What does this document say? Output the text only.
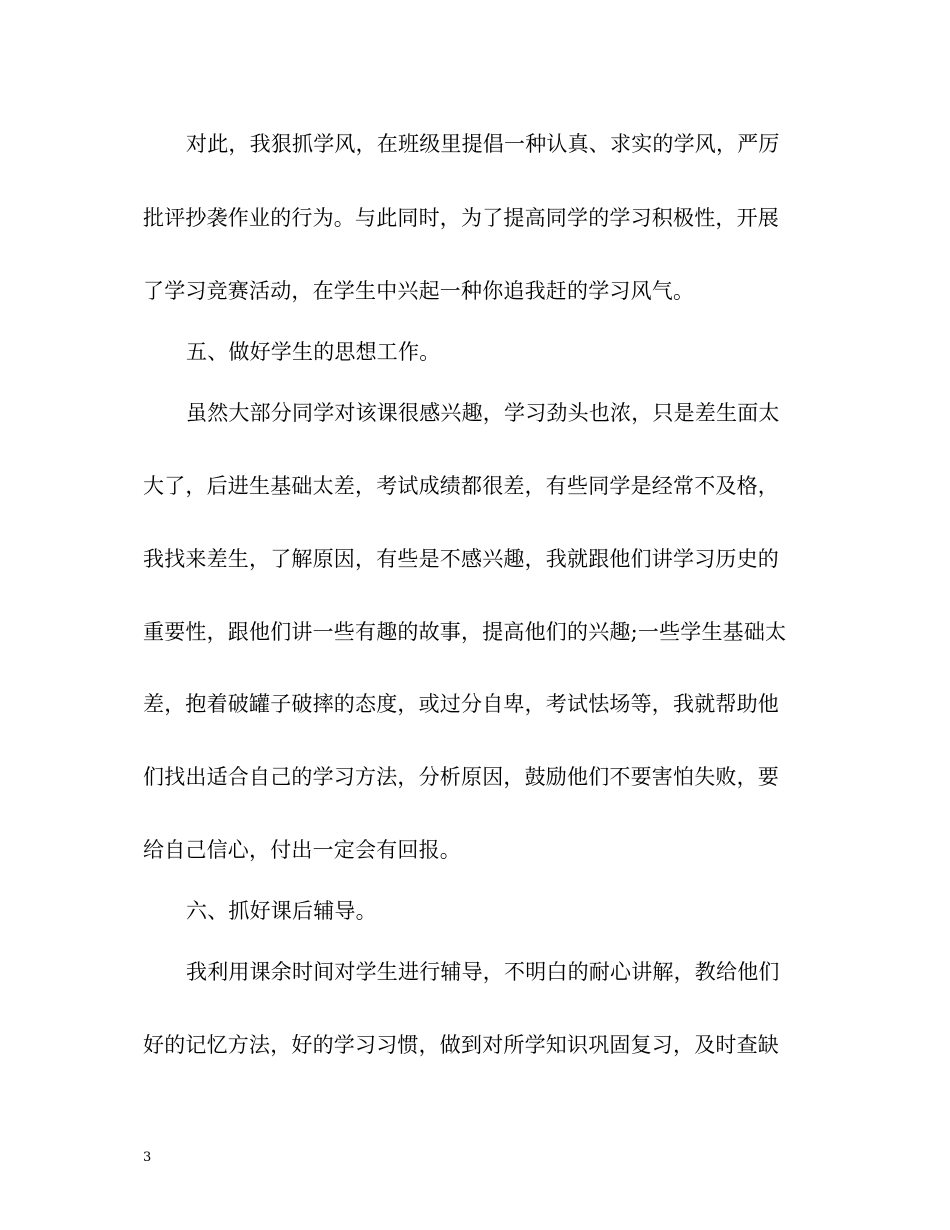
对此，我狠抓学风，在班级里提倡一种认真、求实的学风，严厉
批评抄袭作业的行为。与此同时，为了提高同学的学习积极性，开展
了学习竞赛活动，在学生中兴起一种你追我赶的学习风气。
五、做好学生的思想工作。
虽然大部分同学对该课很感兴趣，学习劲头也浓，只是差生面太
大了，后进生基础太差，考试成绩都很差，有些同学是经常不及格，
我找来差生，了解原因，有些是不感兴趣，我就跟他们讲学习历史的
重要性，跟他们讲一些有趣的故事，提高他们的兴趣;一些学生基础太
差，抱着破罐子破摔的态度，或过分自卑，考试怯场等，我就帮助他
们找出适合自己的学习方法，分析原因，鼓励他们不要害怕失败，要
给自己信心，付出一定会有回报。
六、抓好课后辅导。
我利用课余时间对学生进行辅导，不明白的耐心讲解，教给他们
好的记忆方法，好的学习习惯，做到对所学知识巩固复习，及时查缺
3
